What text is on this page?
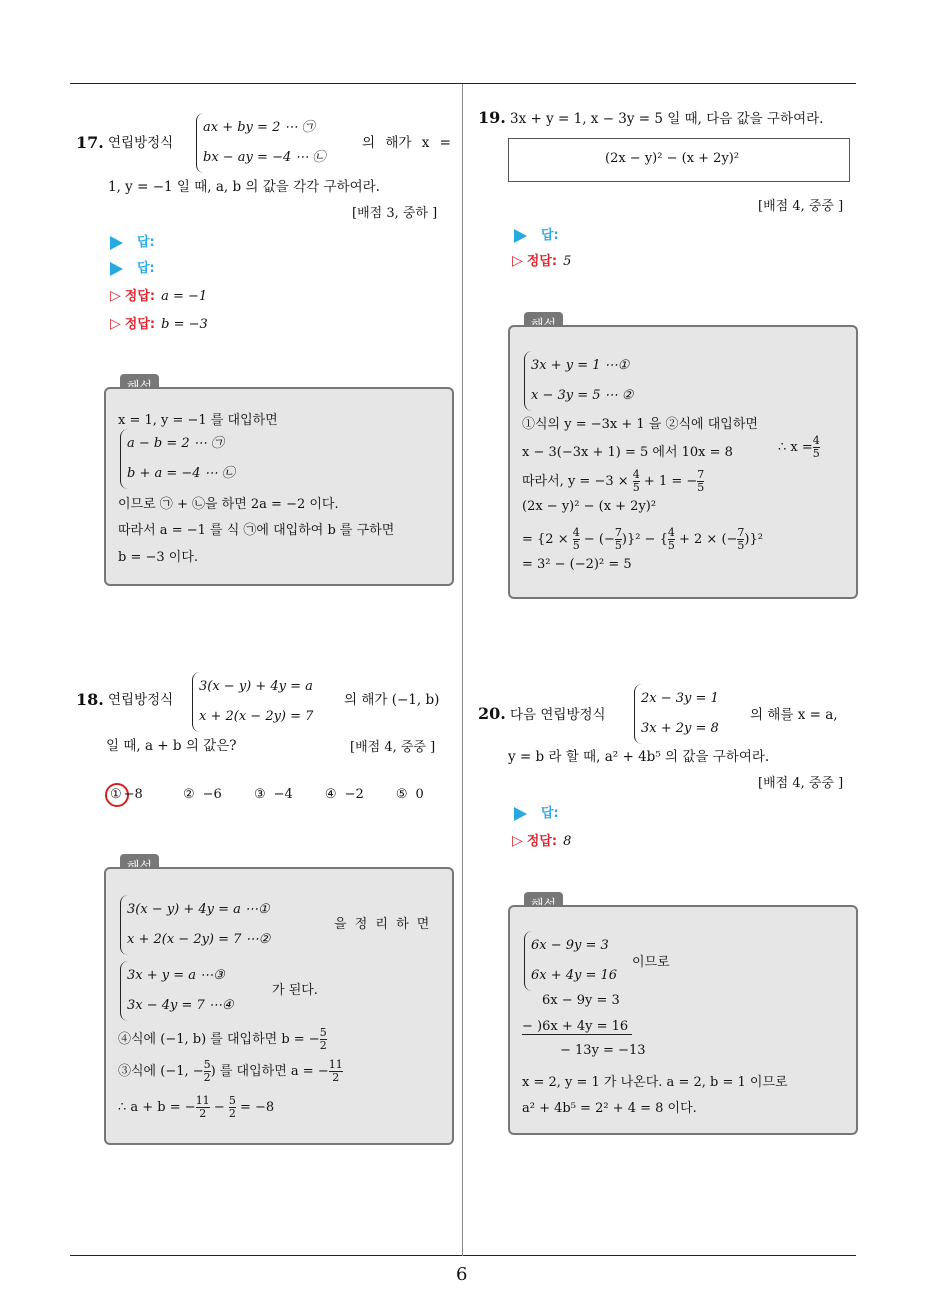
17. 연립방정식
ax + by = 2 ⋯ ㉠
bx − ay = −4 ⋯ ㉡
의 해가 x =
1, y = −1 일 때, a, b 의 값을 각각 구하여라.
[배점 3, 중하 ]
답:
답:
▷ 정답: a = −1
▷ 정답: b = −3
x = 1, y = −1 를 대입하면
a − b = 2 ⋯ ㉠
b + a = −4 ⋯ ㉡
이므로 ㉠ + ㉡을 하면 2a = −2 이다.
따라서 a = −1 를 식 ㉠에 대입하여 b 를 구하면
b = −3 이다.
18. 연립방정식
3(x − y) + 4y = a
x + 2(x − 2y) = 7
의 해가 (−1, b)
일 때, a + b 의 값은?	[배점 4, 중중 ]
① −8	② −6 ③ −4 ④ −2 ⑤ 0
3(x − y) + 4y = a ⋯①
x + 2(x − 2y) = 7 ⋯②
을 정 리 하 면
3x + y = a ⋯③
3x − 4y = 7 ⋯④
가 된다.
④식에 (−1, b) 를 대입하면 b = − $\frac{5}{2}$
③식에 (−1, − $\frac{5}{2}$ ) 를 대입하면 a = − $\frac{11}{2}$
∴ a + b = − $\frac{11}{2} - \frac{5}{2} = -8$
19. 3x + y = 1, x − 3y = 5 일 때, 다음 값을 구하여라.
(2x − y)² − (x + 2y)²
[배점 4, 중중 ]
답:
▷ 정답: 5
3x + y = 1 ⋯①
x − 3y = 5 ⋯ ②
①식의 y = −3x + 1 을 ②식에 대입하면
x − 3(−3x + 1) = 5 에서 10x = 8	∴ $x = \frac{4}{5}$
따라서, $y = -3 \times \frac{4}{5} + 1$ = − $\frac{7}{5}$
(2x − y)² − (x + 2y)²
= {$2 \times \frac{4}{5}$ − (− $\frac{7}{5} )\}^2$ − { $\frac{4}{5} + 2$ × (− $\frac{7}{5} )\}^2$
= 3² − (−2)² = 5
20. 다음 연립방정식
2x − 3y = 1
3x + 2y = 8
의 해를 x = a,
y = b 라 할 때, a² + 4b⁵ 의 값을 구하여라.
[배점 4, 중중 ]
답:
▷ 정답: 8
6x − 9y = 3
6x + 4y = 16
이므로
6x − 9y = 3
− )6x + 4y = 16
− 13y = −13
x = 2, y = 1 가 나온다. a = 2, b = 1 이므로
a² + 4b⁵ = 2² + 4 = 8 이다.
6
